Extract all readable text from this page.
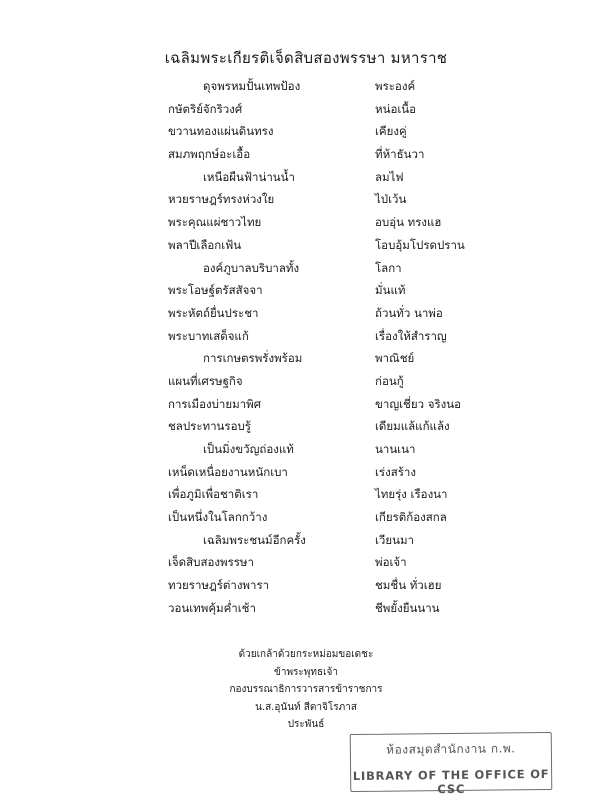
เฉลิมพระเกียรติเจ็ดสิบสองพรรษา มหาราช
ดุจพรหมปั้นเทพป้อง	พระองค์
กษัตริย์จักริวงศ์	หน่อเนื้อ
ขวานทองแผ่นดินทรง	เคียงคู่
สมภพฤกษ์อะเอื้อ	ที่ห้าธันวา
เหนือผืนฟ้าน่านน้ำ	ลมไฟ
หวยราษฎร์ทรงห่วงใย	ไป่เว้น
พระคุณแผ่ชาวไทย	อบอุ่น ทรงแฮ
พลาปีเลือกเฟ้น	โอบอุ้มโปรดปราน
องค์ภูบาลบริบาลทั้ง	โลกา
พระโอษฐ์ตรัสสัจจา	มั่นแท้
พระหัตถ์ยื่นประชา	ถ้วนทั่ว นาพ่อ
พระบาทเสด็จแก้	เรื่องให้สำราญ
การเกษตรพรั่งพร้อม	พาณิชย์
แผนที่เศรษฐกิจ	ก่อนกู้
การเมืองบ่ายมาพิศ	ขาญเชี่ยว จริงนอ
ชลประทานรอบรู้	เดียมแล้แก้แล้ง
เป็นมิ่งขวัญถ่องแท้	นานเนา
เหน็ดเหนื่อยงานหนักเบา	เร่งสร้าง
เพื่อภูมิเพื่อชาติเรา	ไทยรุ่ง เรืองนา
เป็นหนึ่งในโลกกว้าง	เกียรติก้องสกล
เฉลิมพระชนม์อีกครั้ง	เวียนมา
เจ็ดสิบสองพรรษา	พ่อเจ้า
ทวยราษฎร์ต่างพารา	ชมชื่น ทั่วเฮย
วอนเทพคุ้มค่ำเช้า	ชีพยั้งยืนนาน
ด้วยเกล้าด้วยกระหม่อมขอเดชะ
ข้าพระพุทธเจ้า
กองบรรณาธิการวารสารข้าราชการ
น.ส.อุนันท์ สีตาจิโรภาส
ประพันธ์
ห้องสมุดสำนักงาน ก.พ.
LIBRARY OF THE OFFICE OF CSC
